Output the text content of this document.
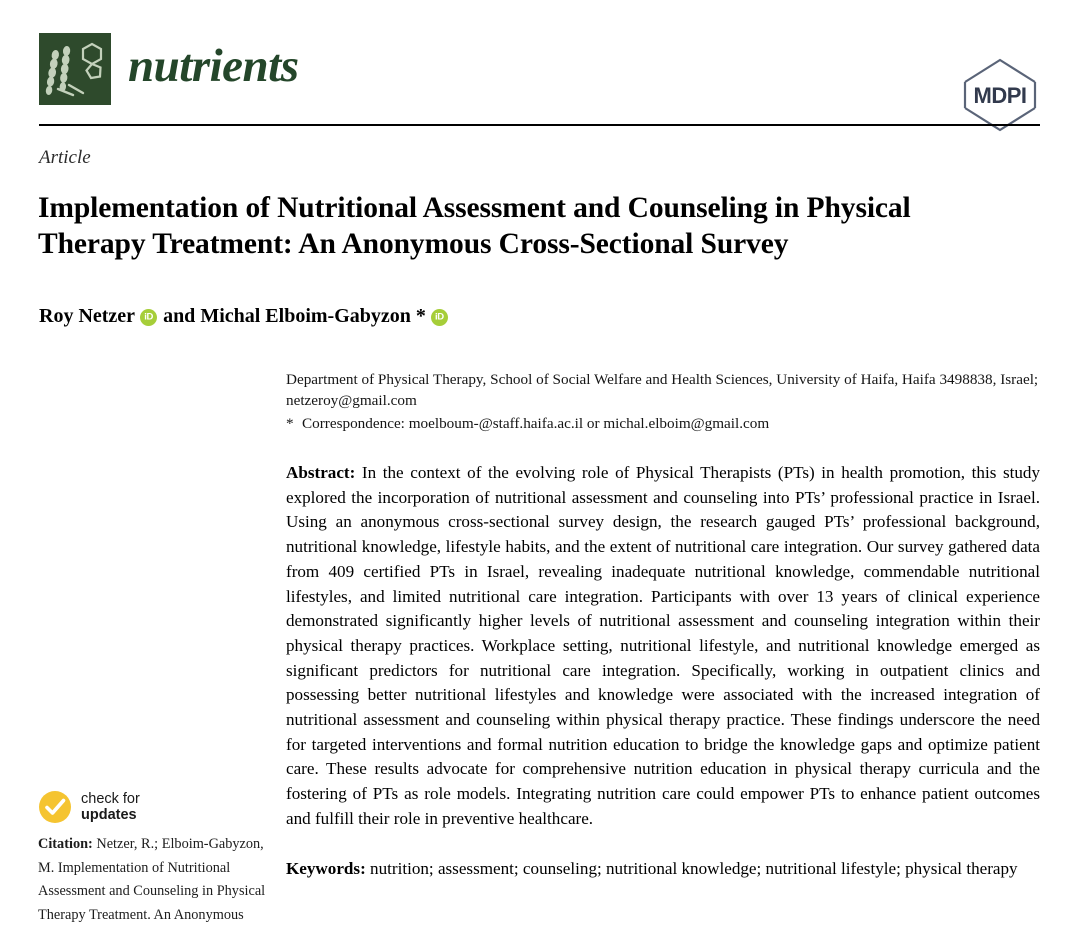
nutrients
MDPI
Article
Implementation of Nutritional Assessment and Counseling in Physical Therapy Treatment: An Anonymous Cross-Sectional Survey
Roy Netzer iD and Michal Elboim-Gabyzon *
iD
check for
updates
Citation: Netzer, R.; Elboim-Gabyzon, M. Implementation of Nutritional Assessment and Counseling in Physical Therapy Treatment. An Anonymous
Department of Physical Therapy, School of Social Welfare and Health Sciences, University of Haifa, Haifa 3498838, Israel; netzeroy@gmail.com
* Correspondence: moelboum-@staff.haifa.ac.il or michal.elboim@gmail.com
Abstract: In the context of the evolving role of Physical Therapists (PTs) in health promotion, this study explored the incorporation of nutritional assessment and counseling into PTs’ professional practice in Israel. Using an anonymous cross-sectional survey design, the research gauged PTs’ professional background, nutritional knowledge, lifestyle habits, and the extent of nutritional care integration. Our survey gathered data from 409 certified PTs in Israel, revealing inadequate nutritional knowledge, commendable nutritional lifestyles, and limited nutritional care integration. Participants with over 13 years of clinical experience demonstrated significantly higher levels of nutritional assessment and counseling integration within their physical therapy practices. Workplace setting, nutritional lifestyle, and nutritional knowledge emerged as significant predictors for nutritional care integration. Specifically, working in outpatient clinics and possessing better nutritional lifestyles and knowledge were associated with the increased integration of nutritional assessment and counseling within physical therapy practice. These findings underscore the need for targeted interventions and formal nutrition education to bridge the knowledge gaps and optimize patient care. These results advocate for comprehensive nutrition education in physical therapy curricula and the fostering of PTs as role models. Integrating nutrition care could empower PTs to enhance patient outcomes and fulfill their role in preventive healthcare.
Keywords: nutrition; assessment; counseling; nutritional knowledge; nutritional lifestyle; physical therapy
